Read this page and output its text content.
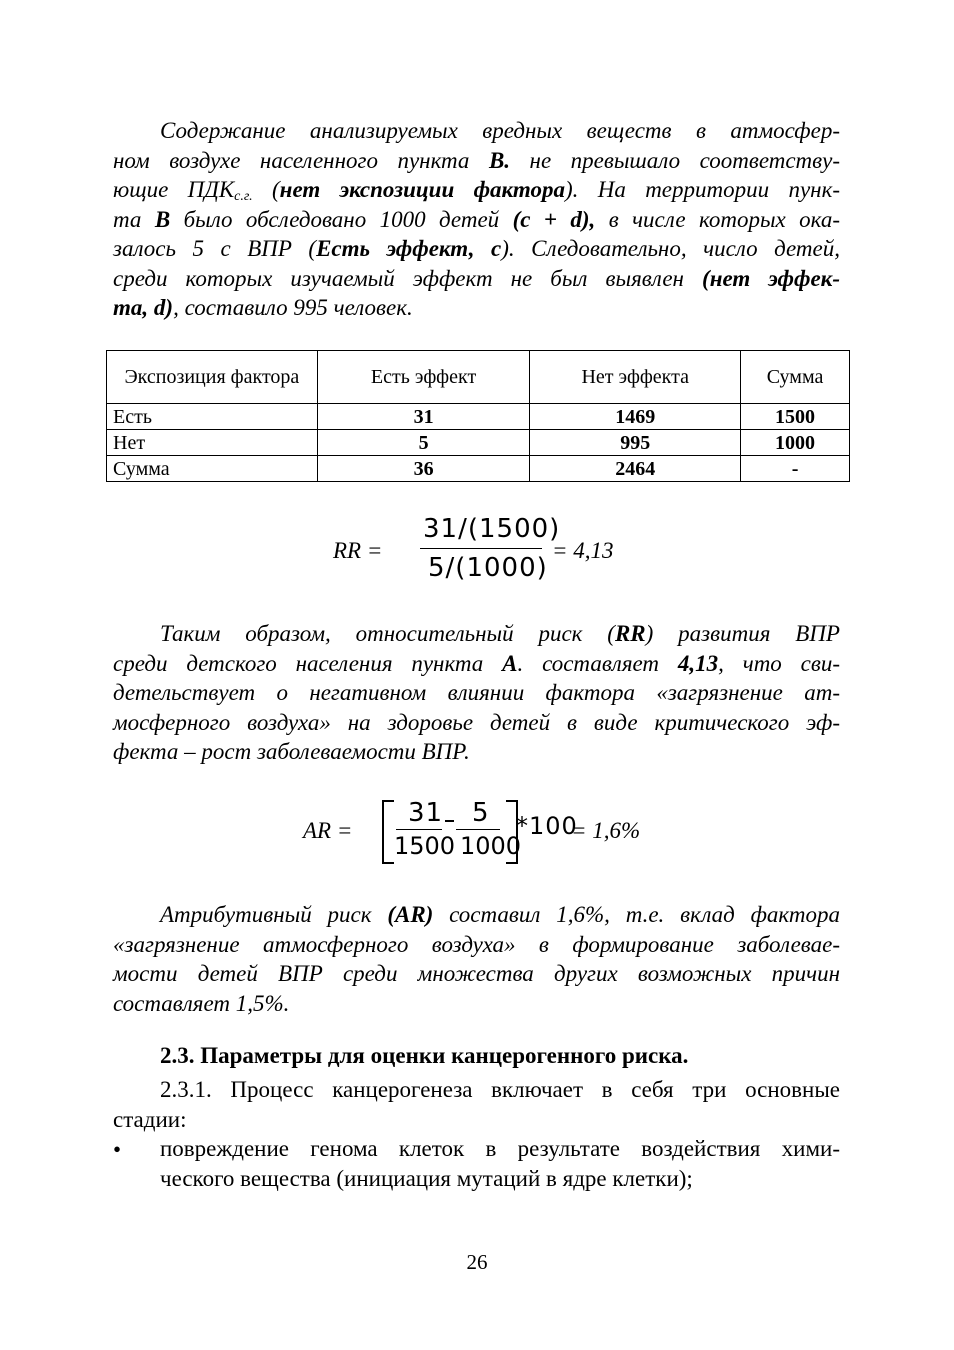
Содержание анализируемых вредных веществ в атмосфер-
ном воздухе населенного пункта В. не превышало соответству-
ющие $ПДК_{с.г.}$ (нет экспозиции фактора). На территории пунк-
та В было обследовано 1000 детей (с + d), в числе которых ока-
залось 5 с ВПР (Есть эффект, с). Следовательно, число детей,
среди которых изучаемый эффект не был выявлен (нет эффек-
та, d), составило 995 человек.
Экспозиция фактора	Есть эффект	Нет эффекта	Сумма
Есть	31	1469	1500
Нет	5	995	1000
Сумма	36	2464	-
RR =
31/(1500)
5/(1000)
= 4,13
Таким образом, относительный риск (RR) развития ВПР
среди детского населения пункта А. составляет 4,13, что сви-
детельствует о негативном влиянии фактора «загрязнение ат-
мосферного воздуха» на здоровье детей в виде критического эф-
фекта – рост заболеваемости ВПР.
AR =
31 5
1500 1000
*100
= 1,6%
Атрибутивный риск (AR) составил 1,6%, т.е. вклад фактора
«загрязнение атмосферного воздуха» в формирование заболевае-
мости детей ВПР среди множества других возможных причин
составляет 1,5%.
2.3. Параметры для оценки канцерогенного риска.
2.3.1. Процесс канцерогенеза включает в себя три основные
стадии:
• повреждение генома клеток в результате воздействия хими-
ческого вещества (инициация мутаций в ядре клетки);
26
